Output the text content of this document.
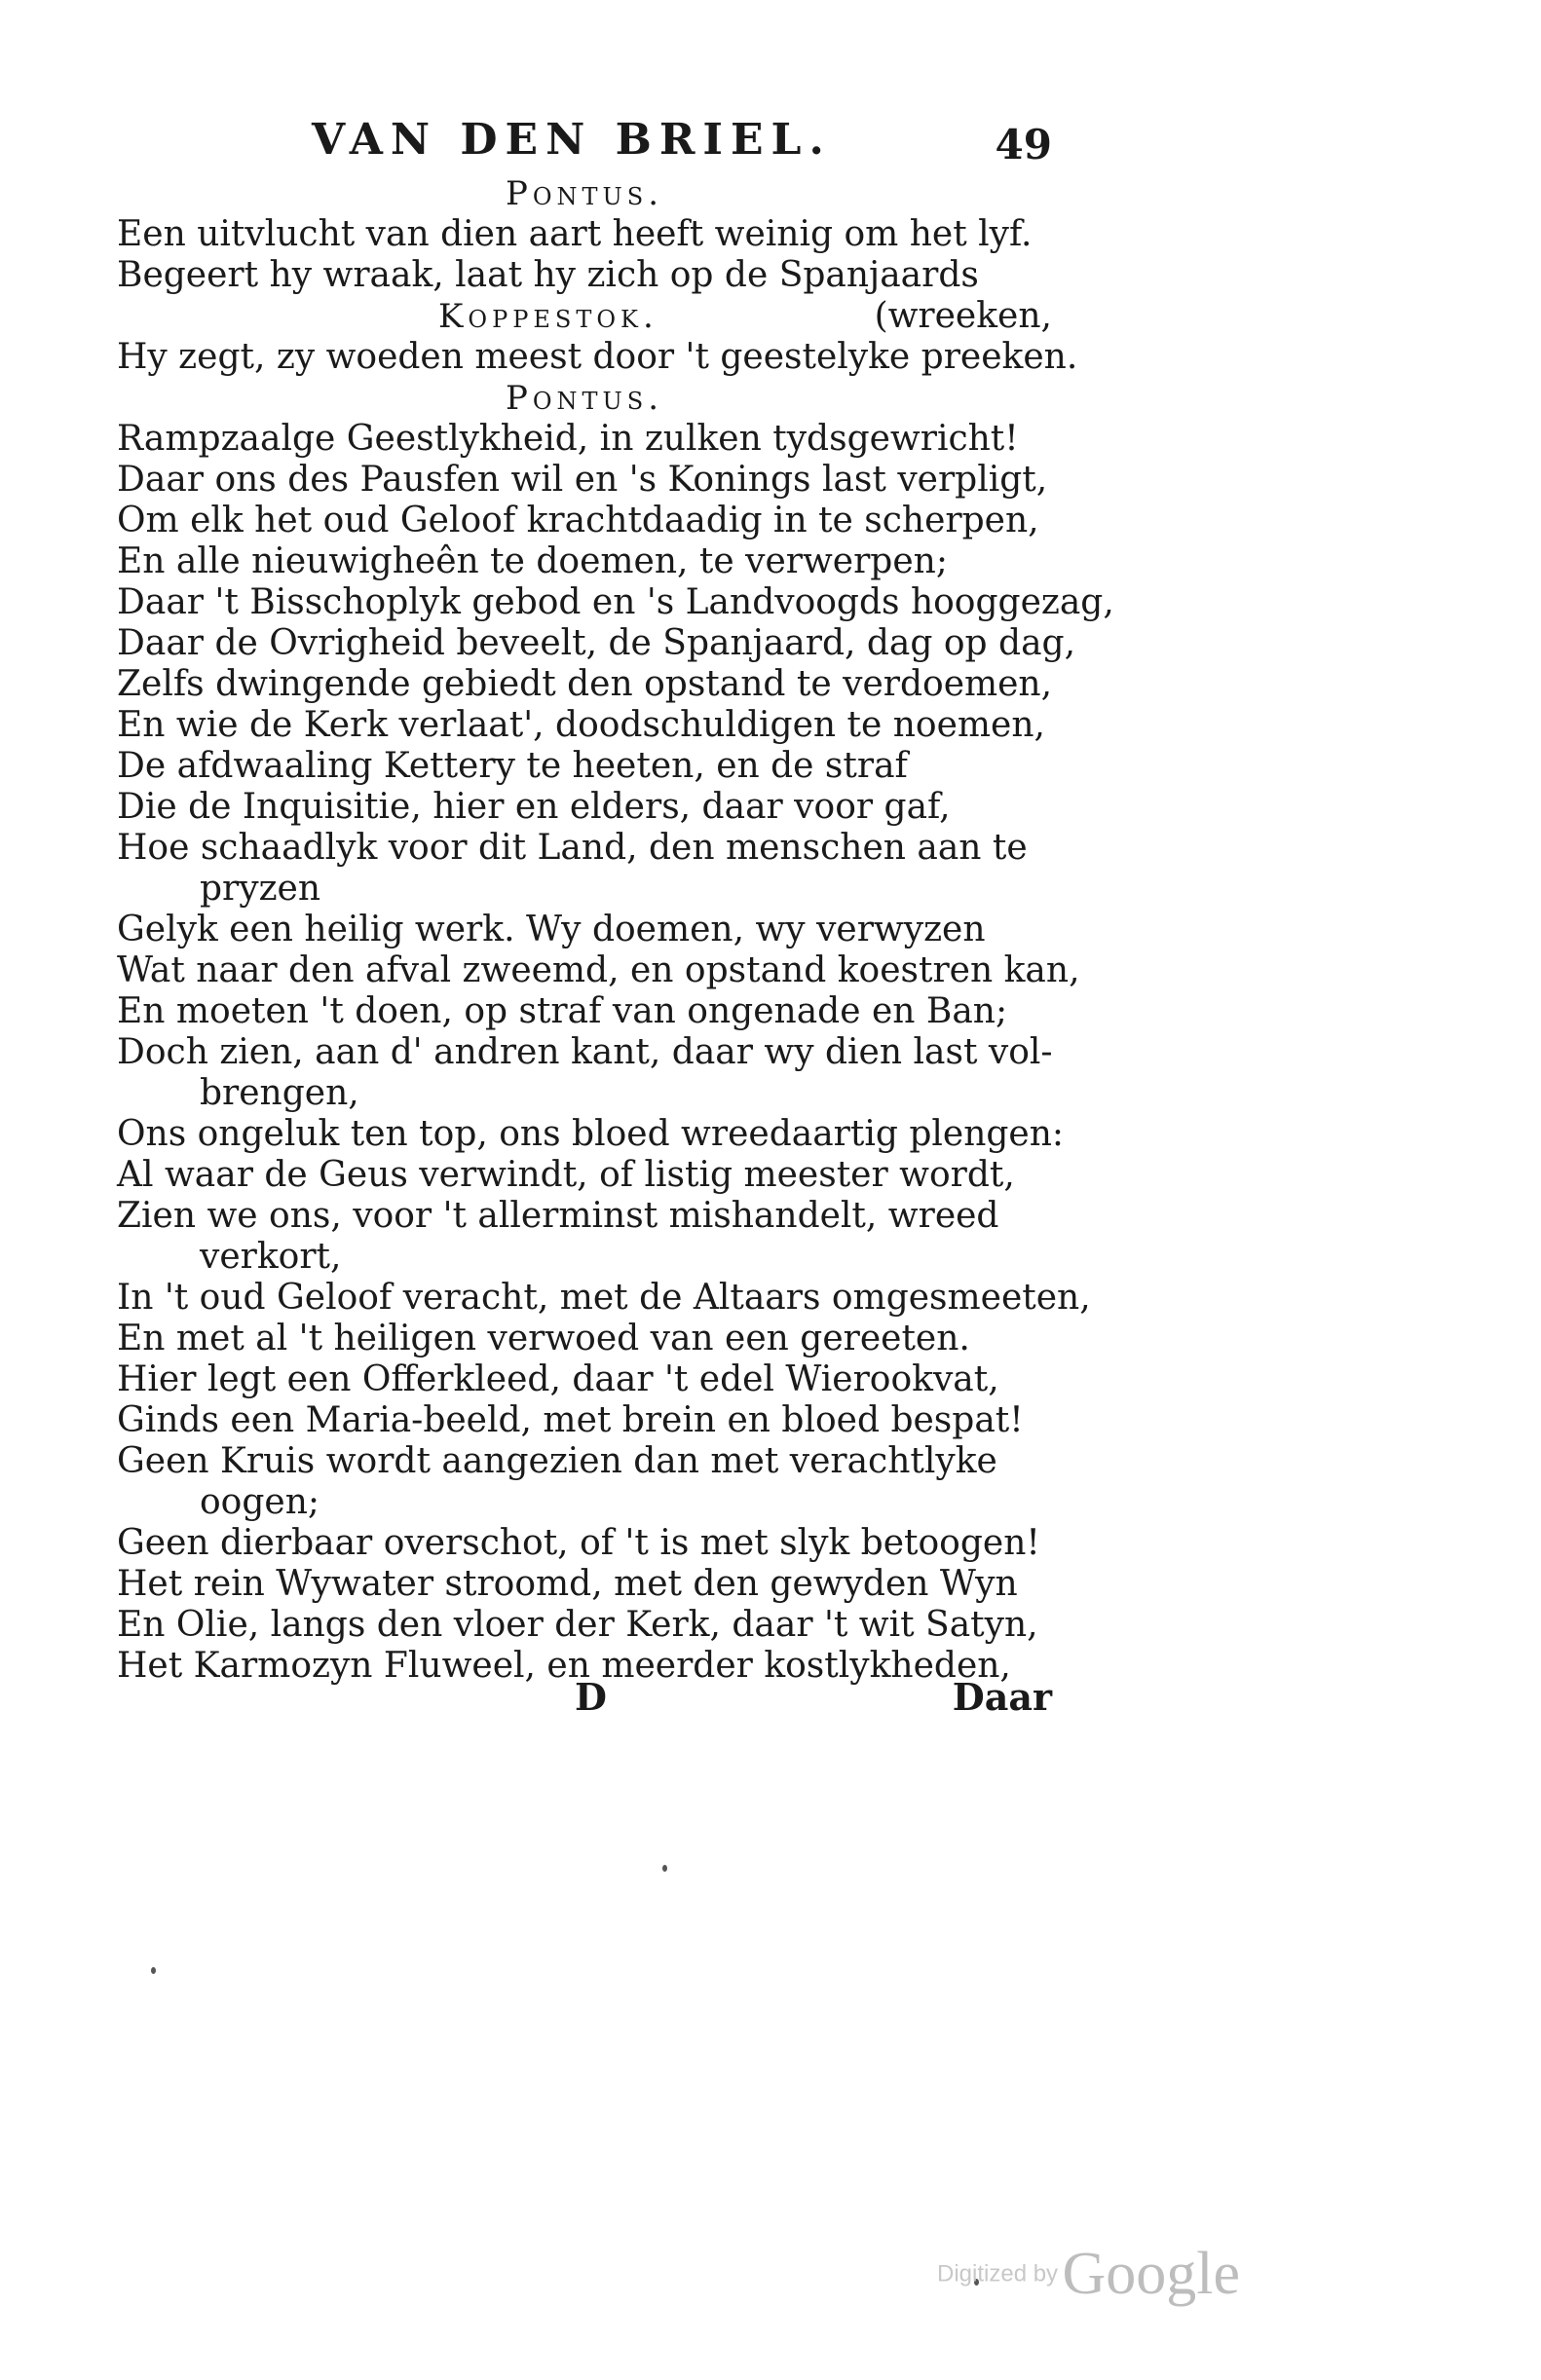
VAN DEN BRIEL.	49
Pontus.
Een uitvlucht van dien aart heeft weinig om het lyf.
Begeert hy wraak, laat hy zich op de Spanjaards
Koppestok.	(wreeken,
Hy zegt, zy woeden meest door 't geestelyke preeken.
Pontus.
Rampzaalge Geestlykheid, in zulken tydsgewricht!
Daar ons des Pausfen wil en 's Konings last verpligt,
Om elk het oud Geloof krachtdaadig in te scherpen,
En alle nieuwigheên te doemen, te verwerpen;
Daar 't Bisschoplyk gebod en 's Landvoogds hooggezag,
Daar de Ovrigheid beveelt, de Spanjaard, dag op dag,
Zelfs dwingende gebiedt den opstand te verdoemen,
En wie de Kerk verlaat', doodschuldigen te noemen,
De afdwaaling Kettery te heeten, en de straf
Die de Inquisitie, hier en elders, daar voor gaf,
Hoe schaadlyk voor dit Land, den menschen aan te
pryzen
Gelyk een heilig werk. Wy doemen, wy verwyzen
Wat naar den afval zweemd, en opstand koestren kan,
En moeten 't doen, op straf van ongenade en Ban;
Doch zien, aan d' andren kant, daar wy dien last vol-
brengen,
Ons ongeluk ten top, ons bloed wreedaartig plengen:
Al waar de Geus verwindt, of listig meester wordt,
Zien we ons, voor 't allerminst mishandelt, wreed
verkort,
In 't oud Geloof veracht, met de Altaars omgesmeeten,
En met al 't heiligen verwoed van een gereeten.
Hier legt een Offerkleed, daar 't edel Wierookvat,
Ginds een Maria-beeld, met brein en bloed bespat!
Geen Kruis wordt aangezien dan met verachtlyke
oogen;
Geen dierbaar overschot, of 't is met slyk betoogen!
Het rein Wywater stroomd, met den gewyden Wyn
En Olie, langs den vloer der Kerk, daar 't wit Satyn,
Het Karmozyn Fluweel, en meerder kostlykheden,
D	Daar
Digitized by Google
